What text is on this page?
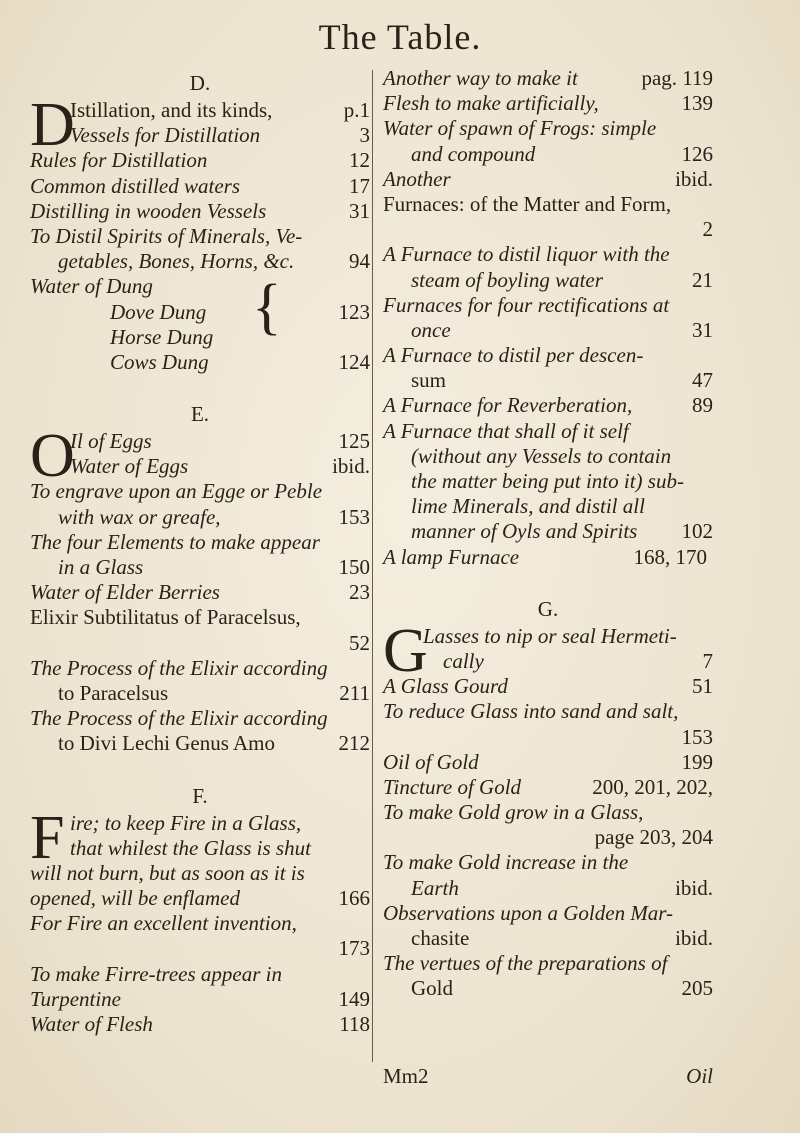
The Table.
D.
D
Istillation, and its kinds,	p.1
Vessels for Distillation	3
Rules for Distillation	12
Common distilled waters	17
Distilling in wooden Vessels	31
To Distil Spirits of Minerals, Ve-
getables, Bones, Horns, &c.	94
Water of Dung
Dove Dung {	123
Horse Dung
Cows Dung	124
E.
O
Il of Eggs	125
Water of Eggs	ibid.
To engrave upon an Egge or Peble
with wax or greafe,	153
The four Elements to make appear
in a Glass	150
Water of Elder Berries	23
Elixir Subtilitatus of Paracelsus,
52
The Process of the Elixir according
to Paracelsus	211
The Process of the Elixir according
to Divi Lechi Genus Amo	212
F.
F ire; to keep Fire in a Glass,
that whilest the Glass is shut
will not burn, but as soon as it is
opened, will be enflamed	166
For Fire an excellent invention,
173
To make Firre-trees appear in
Turpentine	149
Water of Flesh	118
Another way to make it	pag. 119
Flesh to make artificially,	139
Water of spawn of Frogs: simple
and compound	126
Another	ibid.
Furnaces: of the Matter and Form,
2
A Furnace to distil liquor with the
steam of boyling water	21
Furnaces for four rectifications at
once	31
A Furnace to distil per descen-
sum	47
A Furnace for Reverberation,	89
A Furnace that shall of it self
(without any Vessels to contain
the matter being put into it) sub-
lime Minerals, and distil all
manner of Oyls and Spirits 102
A lamp Furnace	168, 170
G.
G
Lasses to nip or seal Hermeti-
cally	7
A Glass Gourd	51
To reduce Glass into sand and salt,
153
Oil of Gold	199
Tincture of Gold	200, 201, 202,
To make Gold grow in a Glass,
page 203, 204
To make Gold increase in the
Earth	ibid.
Observations upon a Golden Mar-
chasite	ibid.
The vertues of the preparations of
Gold	205
Mm2	Oil
